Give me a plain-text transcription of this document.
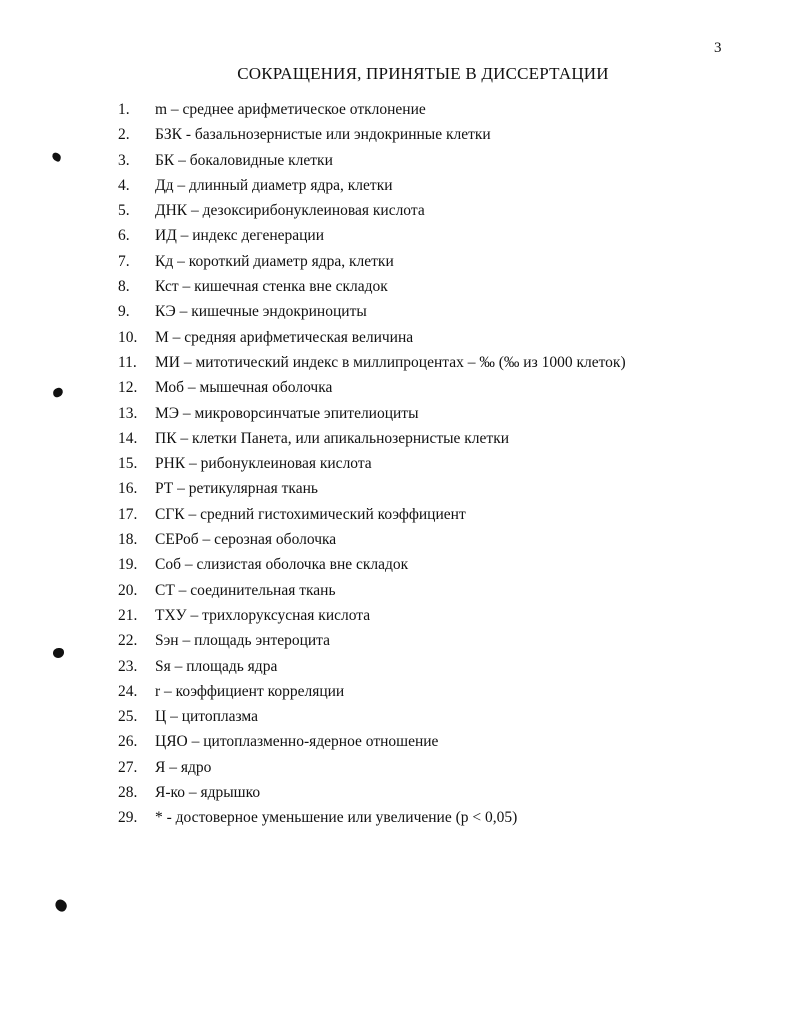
3
СОКРАЩЕНИЯ, ПРИНЯТЫЕ В ДИССЕРТАЦИИ
1.	m – среднее арифметическое отклонение
2.	БЗК - базальнозернистые или эндокринные клетки
3.	БК – бокаловидные клетки
4.	Дд – длинный диаметр ядра, клетки
5.	ДНК – дезоксирибонуклеиновая кислота
6.	ИД – индекс дегенерации
7.	Кд – короткий диаметр ядра, клетки
8.	Кст – кишечная стенка вне складок
9.	КЭ – кишечные эндокриноциты
10.	М – средняя арифметическая величина
11.	МИ – митотический индекс в миллипроцентах – ‰ (‰ из 1000 клеток)
12.	Моб – мышечная оболочка
13.	МЭ – микроворсинчатые эпителиоциты
14.	ПК – клетки Панета, или апикальнозернистые клетки
15.	РНК – рибонуклеиновая кислота
16.	РТ – ретикулярная ткань
17.	СГК – средний гистохимический коэффициент
18.	СЕРоб – серозная оболочка
19.	Соб – слизистая оболочка вне складок
20.	СТ – соединительная ткань
21.	ТХУ – трихлоруксусная кислота
22.	Sэн – площадь энтероцита
23.	Sя – площадь ядра
24.	r – коэффициент корреляции
25.	Ц – цитоплазма
26.	ЦЯО – цитоплазменно-ядерное отношение
27.	Я – ядро
28.	Я-ко – ядрышко
29.	* - достоверное уменьшение или увеличение (p < 0,05)
